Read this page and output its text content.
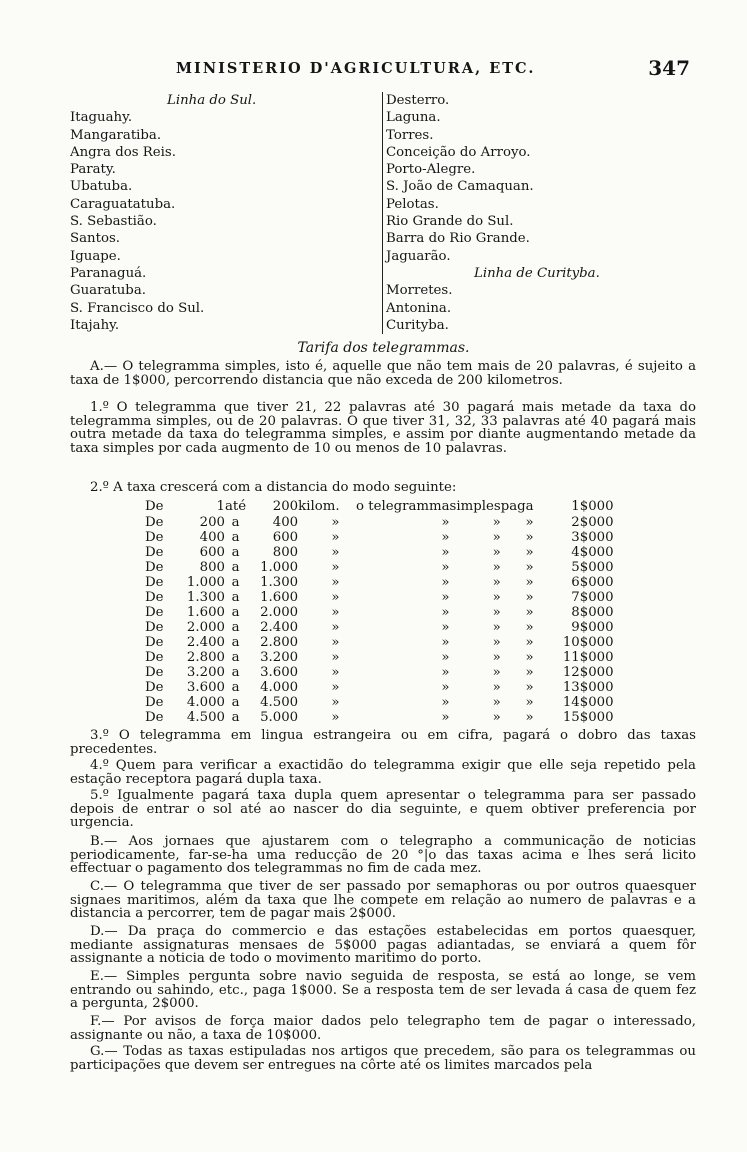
MINISTERIO D'AGRICULTURA, ETC.	347
Linha do Sul.
Itaguahy.
Mangaratiba.
Angra dos Reis.
Paraty.
Ubatuba.
Caraguatatuba.
S. Sebastião.
Santos.
Iguape.
Paranaguá.
Guaratuba.
S. Francisco do Sul.
Itajahy.
Desterro.
Laguna.
Torres.
Conceição do Arroyo.
Porto-Alegre.
S. João de Camaquan.
Pelotas.
Rio Grande do Sul.
Barra do Rio Grande.
Jaguarão.
Linha de Curityba.
Morretes.
Antonina.
Curityba.
Tarifa dos telegrammas.
A.— O telegramma simples, isto é, aquelle que não tem mais de 20 palavras, é sujeito a taxa de 1$000, percorrendo distancia que não exceda de 200 kilometros.
1.º O telegramma que tiver 21, 22 palavras até 30 pagará mais metade da taxa do telegramma simples, ou de 20 palavras. O que tiver 31, 32, 33 palavras até 40 pagará mais outra metade da taxa do telegramma simples, e assim por diante augmentando metade da taxa simples por cada augmento de 10 ou menos de 10 palavras.
2.º A taxa crescerá com a distancia do modo seguinte:
De	1	até	200	kilom.	o telegramma	simples	paga	1$000
De	200	a	400	»	»	»	»	2$000
De	400	a	600	»	»	»	»	3$000
De	600	a	800	»	»	»	»	4$000
De	800	a	1.000	»	»	»	»	5$000
De	1.000	a	1.300	»	»	»	»	6$000
De	1.300	a	1.600	»	»	»	»	7$000
De	1.600	a	2.000	»	»	»	»	8$000
De	2.000	a	2.400	»	»	»	»	9$000
De	2.400	a	2.800	»	»	»	»	10$000
De	2.800	a	3.200	»	»	»	»	11$000
De	3.200	a	3.600	»	»	»	»	12$000
De	3.600	a	4.000	»	»	»	»	13$000
De	4.000	a	4.500	»	»	»	»	14$000
De	4.500	a	5.000	»	»	»	»	15$000
3.º O telegramma em lingua estrangeira ou em cifra, pagará o dobro das taxas precedentes.
4.º Quem para verificar a exactidão do telegramma exigir que elle seja repetido pela estação receptora pagará dupla taxa.
5.º Igualmente pagará taxa dupla quem apresentar o telegramma para ser passado depois de entrar o sol até ao nascer do dia seguinte, e quem obtiver preferencia por urgencia.
B.— Aos jornaes que ajustarem com o telegrapho a communicação de noticias periodicamente, far-se-ha uma reducção de 20 °|o das taxas acima e lhes será licito effectuar o pagamento dos telegrammas no fim de cada mez.
C.— O telegramma que tiver de ser passado por semaphoras ou por outros quaesquer signaes maritimos, além da taxa que lhe compete em relação ao numero de palavras e a distancia a percorrer, tem de pagar mais 2$000.
D.— Da praça do commercio e das estações estabelecidas em portos quaesquer, mediante assignaturas mensaes de 5$000 pagas adiantadas, se enviará a quem fôr assignante a noticia de todo o movimento maritimo do porto.
E.— Simples pergunta sobre navio seguida de resposta, se está ao longe, se vem entrando ou sahindo, etc., paga 1$000. Se a resposta tem de ser levada á casa de quem fez a pergunta, 2$000.
F.— Por avisos de força maior dados pelo telegrapho tem de pagar o interessado, assignante ou não, a taxa de 10$000.
G.— Todas as taxas estipuladas nos artigos que precedem, são para os telegrammas ou participações que devem ser entregues na côrte até os limites marcados pela
